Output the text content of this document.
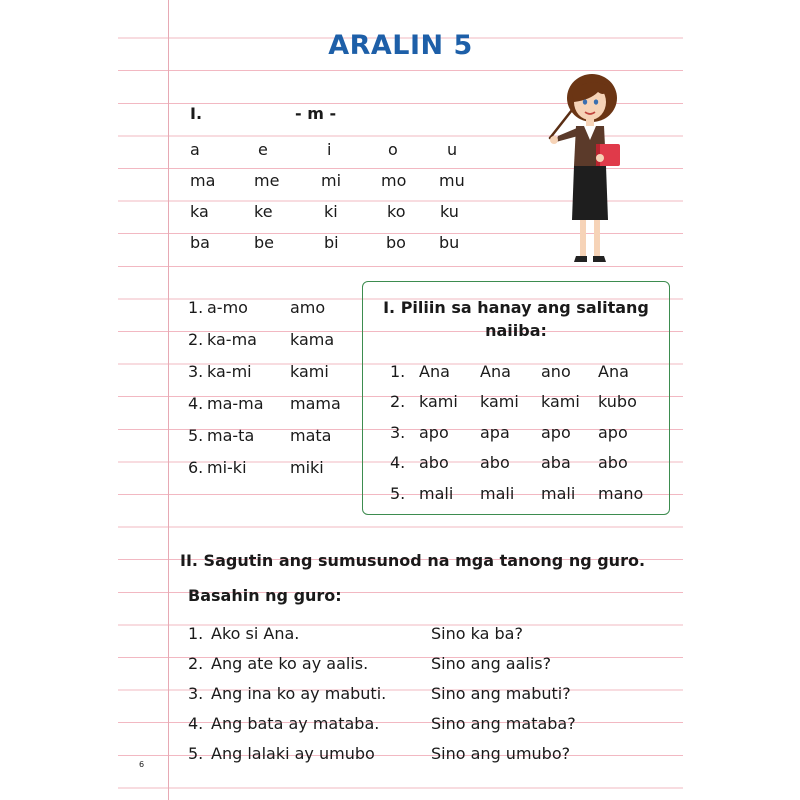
ARALIN 5
I.	- m -
a	e	i	o	u
ma me	mi mo mu
ka	ke	ki	ko ku
ba	be	bi	bo bu
1. a-mo	amo
2. ka-ma kama
3. ka-mi kami
4. ma-ma mama
5. ma-ta mata
6. mi-ki	miki
I. Piliin sa hanay ang salitang
naiiba:
1. Ana Ana ano Ana
2. kami kami kami kubo
3. apo apa apo apo
4. abo abo aba abo
5. mali mali mali mano
II. Sagutin ang sumusunod na mga tanong ng guro.
Basahin ng guro:
1. Ako si Ana.	Sino ka ba?
2. Ang ate ko ay aalis.	Sino ang aalis?
3. Ang ina ko ay mabuti.	Sino ang mabuti?
4. Ang bata ay mataba.	Sino ang mataba?
5. Ang lalaki ay umubo	Sino ang umubo?
6
